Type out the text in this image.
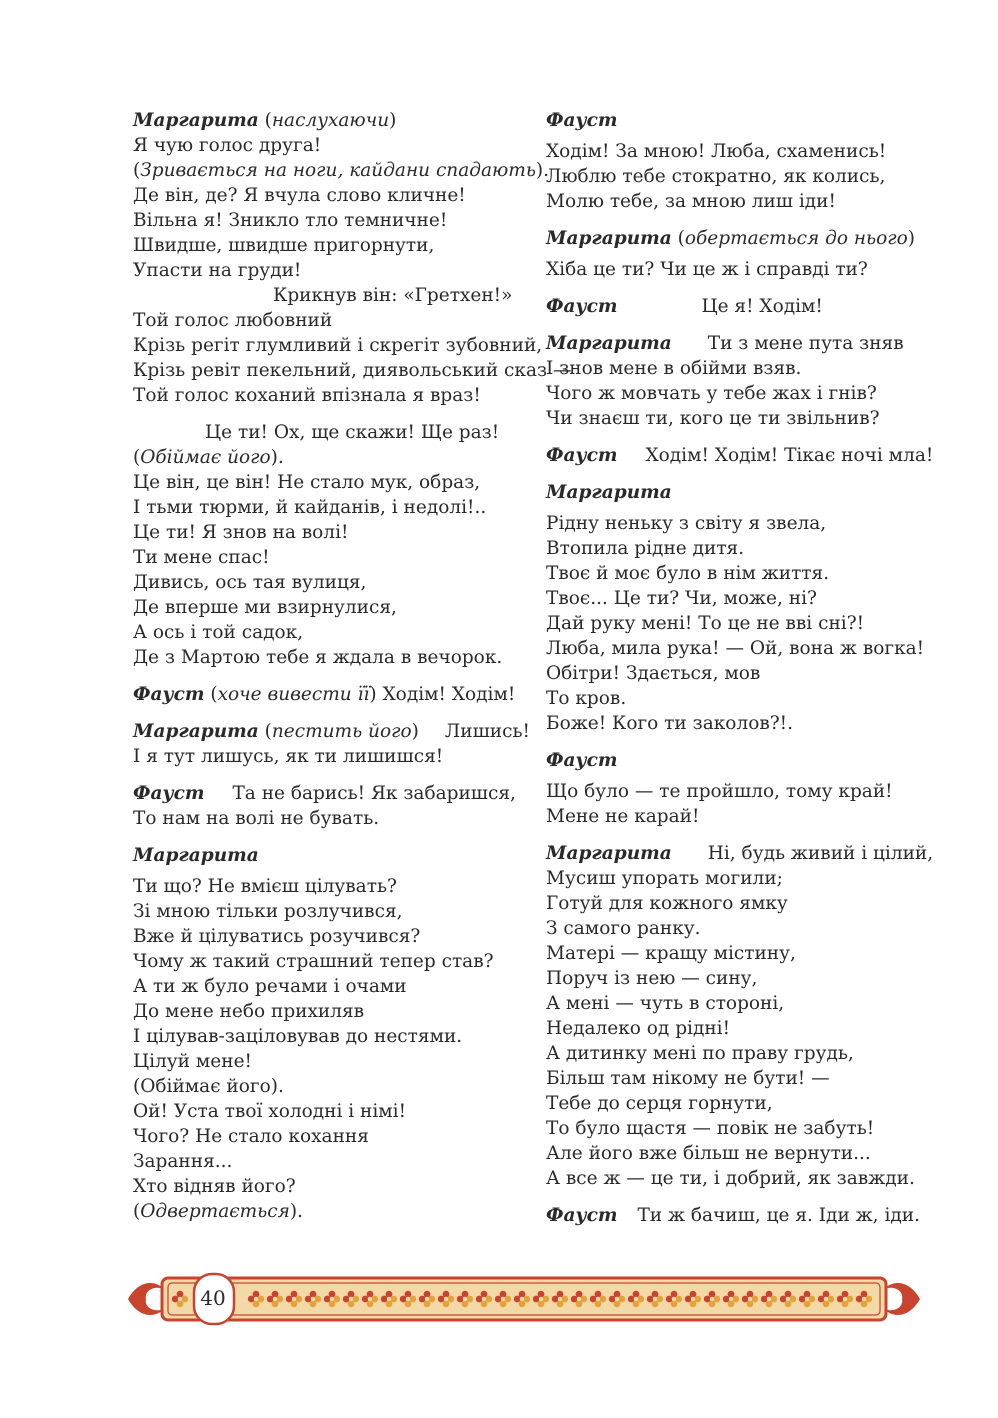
Маргарита (наслухаючи)
Я чую голос друга!
(Зривається на ноги, кайдани спадають).
Де він, де? Я вчула слово кличне!
Вільна я! Зникло тло темничне!
Швидше, швидше пригорнути,
Упасти на груди!
Крикнув він: «Гретхен!»
Той голос любовний
Крізь регіт глумливий і скрегіт зубовний,
Крізь ревіт пекельний, диявольський сказ —
Той голос коханий впізнала я враз!
Це ти! Ох, ще скажи! Ще раз!
(Обіймає його).
Це він, це він! Не стало мук, образ,
І тьми тюрми, й кайданів, і недолі!..
Це ти! Я знов на волі!
Ти мене спас!
Дивись, ось тая вулиця,
Де вперше ми взирнулися,
А ось і той садок,
Де з Мартою тебе я ждала в вечорок.
Фауст (хоче вивести її) Ходім! Ходім!
Маргарита (пестить його) Лишись!
І я тут лишусь, як ти лишишся!
Фауст Та не барись! Як забаришся,
То нам на волі не бувать.
Маргарита
Ти що? Не вмієш цілувать?
Зі мною тільки розлучився,
Вже й цілуватись розучився?
Чому ж такий страшний тепер став?
А ти ж було речами і очами
До мене небо прихиляв
І цілував-заціловував до нестями.
Цілуй мене!
(Обіймає його).
Ой! Уста твої холодні і німі!
Чого? Не стало кохання
Зарання...
Хто відняв його?
(Одвертається).
Фауст
Ходім! За мною! Люба, схаменись!
Люблю тебе стократно, як колись,
Молю тебе, за мною лиш іди!
Маргарита (обертається до нього)
Хіба це ти? Чи це ж і справді ти?
Фауст	Це я! Ходім!
Маргарита Ти з мене пута зняв
І знов мене в обійми взяв.
Чого ж мовчать у тебе жах і гнів?
Чи знаєш ти, кого це ти звільнив?
Фауст Ходім! Ходім! Тікає ночі мла!
Маргарита
Рідну неньку з світу я звела,
Втопила рідне дитя.
Твоє й моє було в нім життя.
Твоє... Це ти? Чи, може, ні?
Дай руку мені! То це не вві сні?!
Люба, мила рука! — Ой, вона ж вогка!
Обітри! Здається, мов
То кров.
Боже! Кого ти заколов?!.
Фауст
Що було — те пройшло, тому край!
Мене не карай!
Маргарита Ні, будь живий і цілий,
Мусиш упорать могили;
Готуй для кожного ямку
З самого ранку.
Матері — кращу містину,
Поруч із нею — сину,
А мені — чуть в стороні,
Недалеко од рідні!
А дитинку мені по праву грудь,
Більш там нікому не бути! —
Тебе до серця горнути,
То було щастя — повік не забуть!
Але його вже більш не вернути...
А все ж — це ти, і добрий, як завжди.
Фауст Ти ж бачиш, це я. Іди ж, іди.
40
